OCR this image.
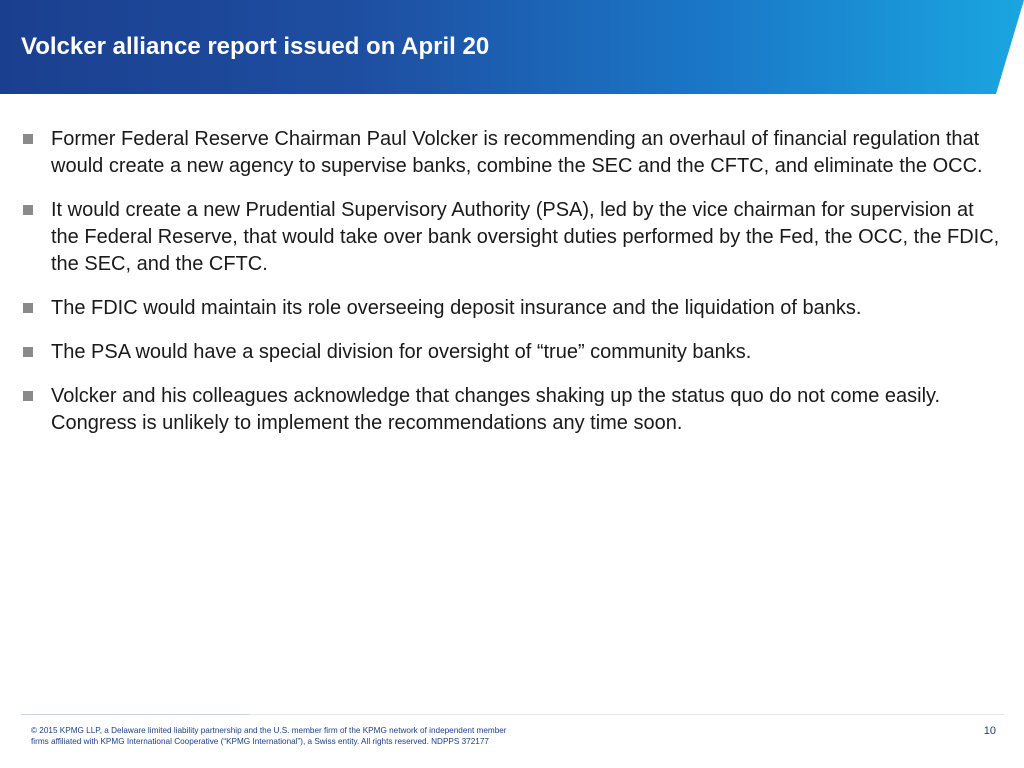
Volcker alliance report issued on April 20
Former Federal Reserve Chairman Paul Volcker is recommending an overhaul of financial regulation that would create a new agency to supervise banks, combine the SEC and the CFTC, and eliminate the OCC.
It would create a new Prudential Supervisory Authority (PSA), led by the vice chairman for supervision at the Federal Reserve, that would take over bank oversight duties performed by the Fed, the OCC, the FDIC, the SEC, and the CFTC.
The FDIC would maintain its role overseeing deposit insurance and the liquidation of banks.
The PSA would have a special division for oversight of “true” community banks.
Volcker and his colleagues acknowledge that changes shaking up the status quo do not come easily. Congress is unlikely to implement the recommendations any time soon.

© 2015 KPMG LLP, a Delaware limited liability partnership and the U.S. member firm of the KPMG network of independent member
firms affiliated with KPMG International Cooperative (“KPMG International”), a Swiss entity. All rights reserved. NDPPS 372177

10
